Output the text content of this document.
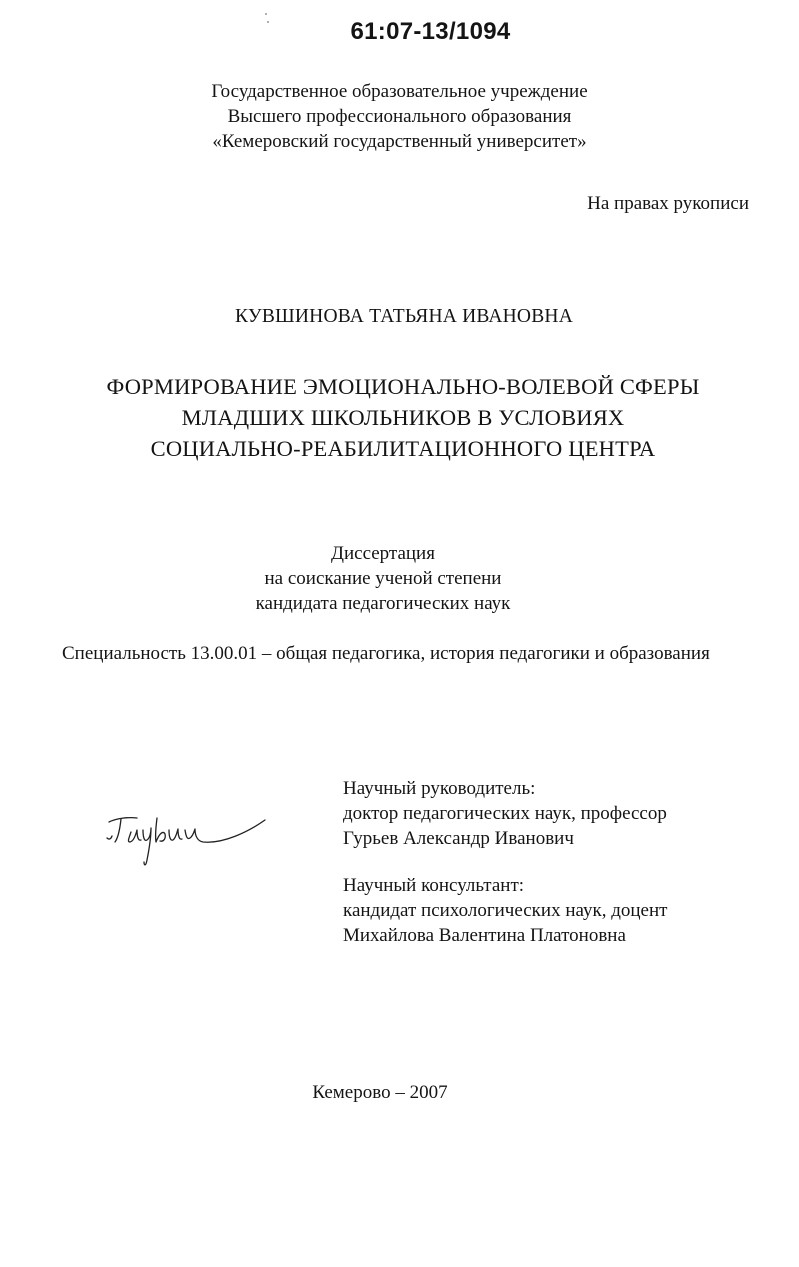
61:07-13/1094
Государственное образовательное учреждение
Высшего профессионального образования
«Кемеровский государственный университет»
На правах рукописи
КУВШИНОВА ТАТЬЯНА ИВАНОВНА
ФОРМИРОВАНИЕ ЭМОЦИОНАЛЬНО-ВОЛЕВОЙ СФЕРЫ
МЛАДШИХ ШКОЛЬНИКОВ В УСЛОВИЯХ
СОЦИАЛЬНО-РЕАБИЛИТАЦИОННОГО ЦЕНТРА
Диссертация
на соискание ученой степени
кандидата педагогических наук
Специальность 13.00.01 – общая педагогика, история педагогики и образования
Научный руководитель:
доктор педагогических наук, профессор
Гурьев Александр Иванович
Научный консультант:
кандидат психологических наук, доцент
Михайлова Валентина Платоновна
Кемерово – 2007
